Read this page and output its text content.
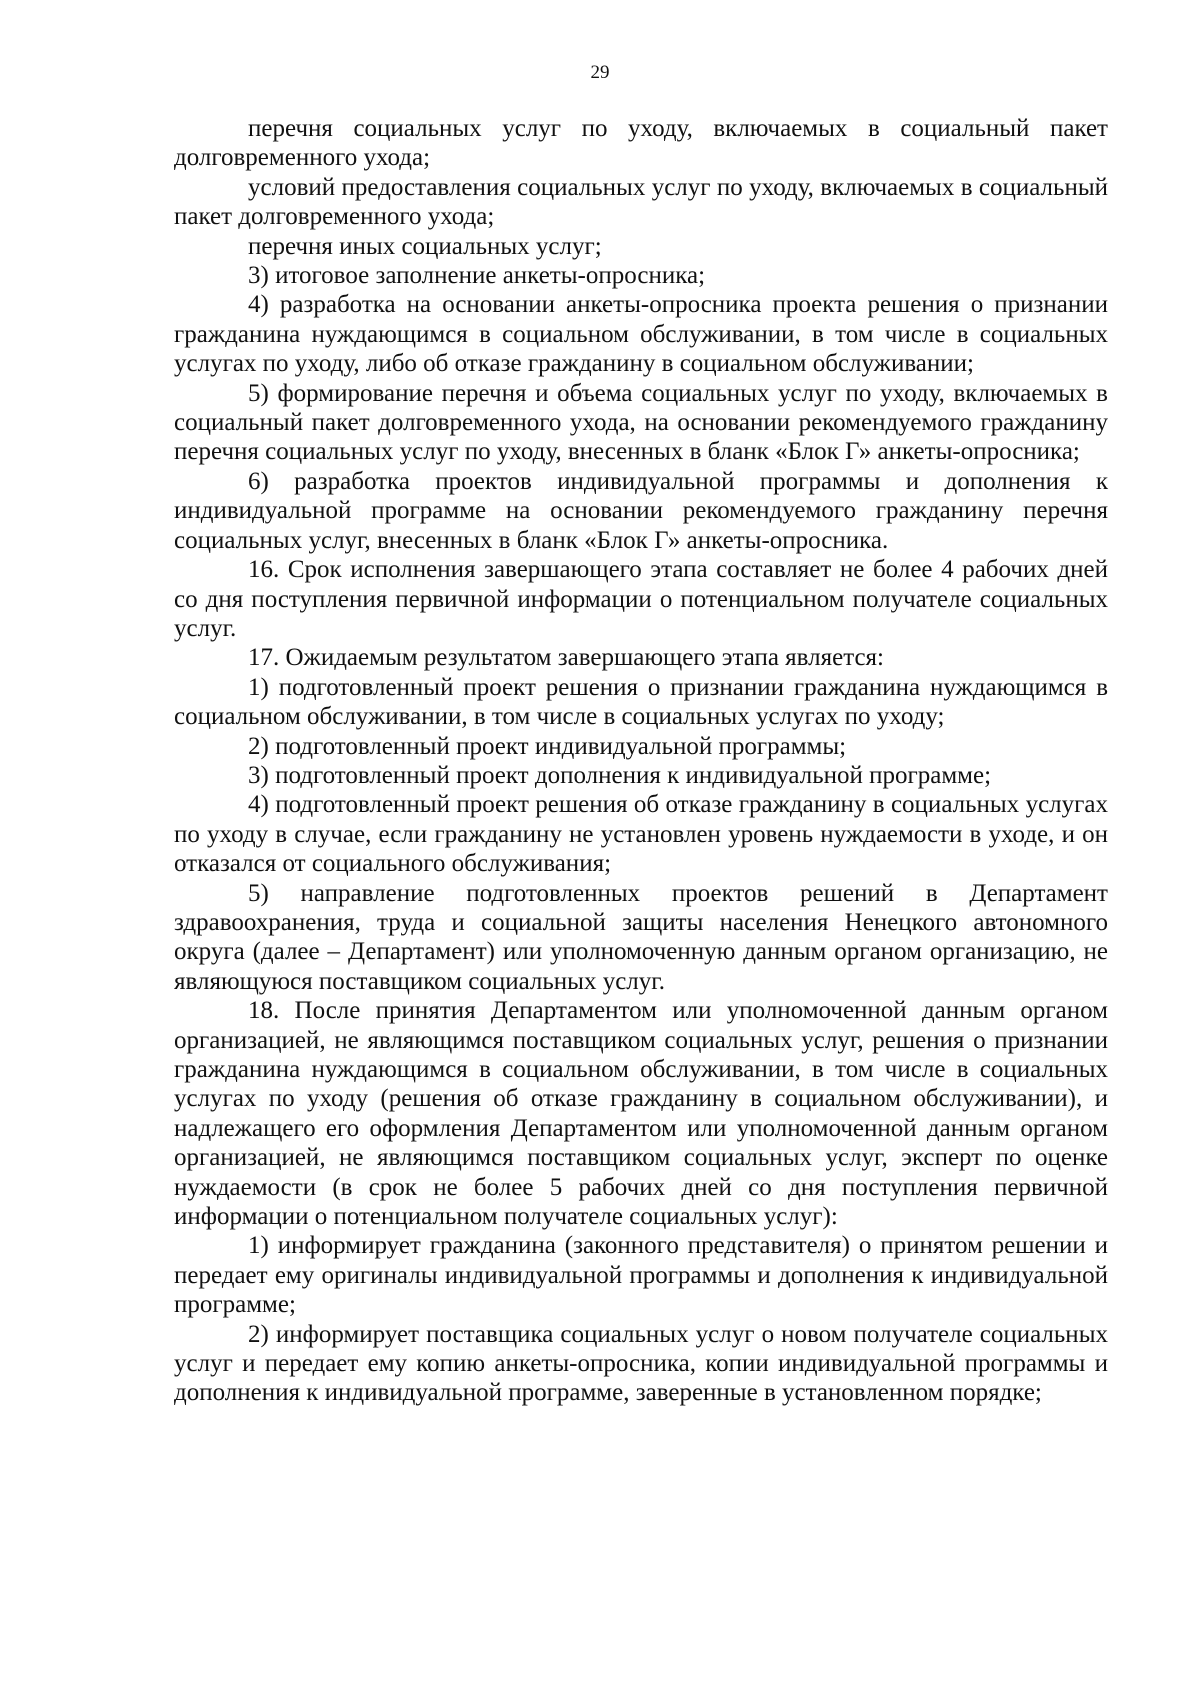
29

перечня социальных услуг по уходу, включаемых в социальный пакет долговременного ухода;

условий предоставления социальных услуг по уходу, включаемых в социальный пакет долговременного ухода;

перечня иных социальных услуг;

3) итоговое заполнение анкеты-опросника;

4) разработка на основании анкеты-опросника проекта решения о признании гражданина нуждающимся в социальном обслуживании, в том числе в социальных услугах по уходу, либо об отказе гражданину в социальном обслуживании;

5) формирование перечня и объема социальных услуг по уходу, включаемых в социальный пакет долговременного ухода, на основании рекомендуемого гражданину перечня социальных услуг по уходу, внесенных в бланк «Блок Г» анкеты-опросника;

6) разработка проектов индивидуальной программы и дополнения к индивидуальной программе на основании рекомендуемого гражданину перечня социальных услуг, внесенных в бланк «Блок Г» анкеты-опросника.

16. Срок исполнения завершающего этапа составляет не более 4 рабочих дней со дня поступления первичной информации о потенциальном получателе социальных услуг.

17. Ожидаемым результатом завершающего этапа является:

1) подготовленный проект решения о признании гражданина нуждающимся в социальном обслуживании, в том числе в социальных услугах по уходу;

2) подготовленный проект индивидуальной программы;

3) подготовленный проект дополнения к индивидуальной программе;

4) подготовленный проект решения об отказе гражданину в социальных услугах по уходу в случае, если гражданину не установлен уровень нуждаемости в уходе, и он отказался от социального обслуживания;

5) направление подготовленных проектов решений в Департамент здравоохранения, труда и социальной защиты населения Ненецкого автономного округа (далее – Департамент) или уполномоченную данным органом организацию, не являющуюся поставщиком социальных услуг.

18. После принятия Департаментом или уполномоченной данным органом организацией, не являющимся поставщиком социальных услуг, решения о признании гражданина нуждающимся в социальном обслуживании, в том числе в социальных услугах по уходу (решения об отказе гражданину в социальном обслуживании), и надлежащего его оформления Департаментом или уполномоченной данным органом организацией, не являющимся поставщиком социальных услуг, эксперт по оценке нуждаемости (в срок не более 5 рабочих дней со дня поступления первичной информации о потенциальном получателе социальных услуг):

1) информирует гражданина (законного представителя) о принятом решении и передает ему оригиналы индивидуальной программы и дополнения к индивидуальной программе;

2) информирует поставщика социальных услуг о новом получателе социальных услуг и передает ему копию анкеты-опросника, копии индивидуальной программы и дополнения к индивидуальной программе, заверенные в установленном порядке;
